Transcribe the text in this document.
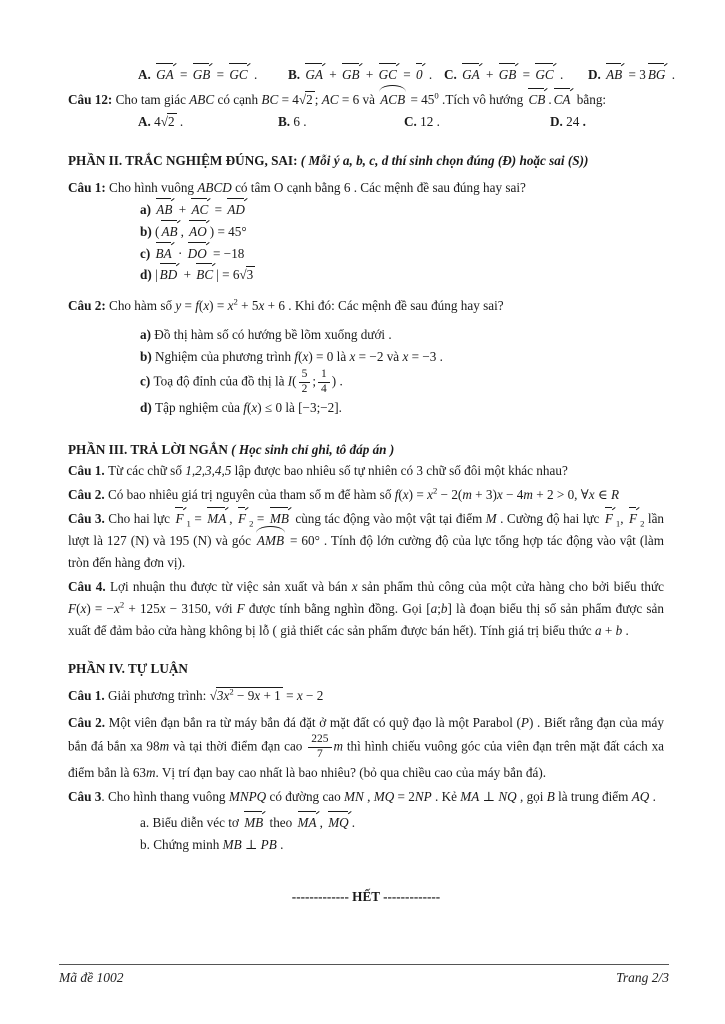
A. GA = GB = GC . B. GA + GB + GC = 0 . C. GA + GB = GC . D. AB = 3 BG .
Câu 12: Cho tam giác ABC có cạnh BC = 4√2 ; AC = 6 và ACB = $45^0$ .Tích vô hướng CB . CA bằng:
A. 4√2 .	B. 6 .	C. 12 .	D. 24 .
PHẦN II. TRẮC NGHIỆM ĐÚNG, SAI: ( Mỗi ý a, b, c, d thí sinh chọn đúng (Đ) hoặc sai (S))
Câu 1: Cho hình vuông ABCD có tâm O cạnh bằng 6 . Các mệnh đề sau đúng hay sai?
a) AB + AC = AD
b) ( AB , AO ) = 45°
c) BA · DO = −18
d) | BD + BC | = 6√3
Câu 2: Cho hàm số $y = f(x) = x^2 + 5x + 6$ . Khi đó: Các mệnh đề sau đúng hay sai?
a) Đồ thị hàm số có hướng bề lõm xuống dưới .
b) Nghiệm của phương trình f(x) = 0 là x = −2 và x = −3 .
c) Toạ độ đỉnh của đồ thị là $I( \frac{5}{2}$ ; $\frac{1}{4}$ ) .
d) Tập nghiệm của f(x) ≤ 0 là [−3;−2].
PHẦN III. TRẢ LỜI NGẮN ( Học sinh chỉ ghi, tô đáp án )
Câu 1. Từ các chữ số 1,2,3,4,5 lập được bao nhiêu số tự nhiên có 3 chữ số đôi một khác nhau?
Câu 2. Có bao nhiêu giá trị nguyên của tham số m để hàm số $f(x) = x^2 - 2(m + 3)x - 4m + 2 > 0$, ∀x ∈ R
Câu 3. Cho hai lực F $_1$ = MA , F $_2$ = MB cùng tác động vào một vật tại điểm M . Cường độ hai lực F $_1$, F $_2$ lần lượt là 127 (N) và 195 (N) và góc AMB = 60° . Tính độ lớn cường độ của lực tổng hợp tác động vào vật (làm tròn đến hàng đơn vị).
Câu 4. Lợi nhuận thu được từ việc sản xuất và bán x sản phẩm thủ công của một cửa hàng cho bởi biểu thức $F(x) = -x^2 + 125x - 3150$, với F được tính bằng nghìn đồng. Gọi [a;b] là đoạn biểu thị số sản phẩm được sản xuất để đảm bảo cửa hàng không bị lỗ ( giả thiết các sản phẩm được bán hết). Tính giá trị biểu thức a + b .
PHẦN IV. TỰ LUẬN
Câu 1. Giải phương trình: $√3x^2 - 9x + 1 = x - 2$
Câu 2. Một viên đạn bắn ra từ máy bắn đá đặt ở mặt đất có quỹ đạo là một Parabol (P) . Biết rằng đạn của máy bắn đá bắn xa 98m và tại thời điểm đạn cao $\frac{225}{7}$ m thì hình chiếu vuông góc của viên đạn trên mặt đất cách xa điểm bắn là 63m. Vị trí đạn bay cao nhất là bao nhiêu? (bỏ qua chiều cao của máy bắn đá).
Câu 3. Cho hình thang vuông MNPQ có đường cao MN , MQ = 2NP . Kẻ MA ⊥ NQ , gọi B là trung điểm AQ .
a. Biểu diễn véc tơ MB theo MA , MQ .
b. Chứng minh MB ⊥ PB .
------------- HẾT -------------
Mã đề 1002	Trang 2/3
